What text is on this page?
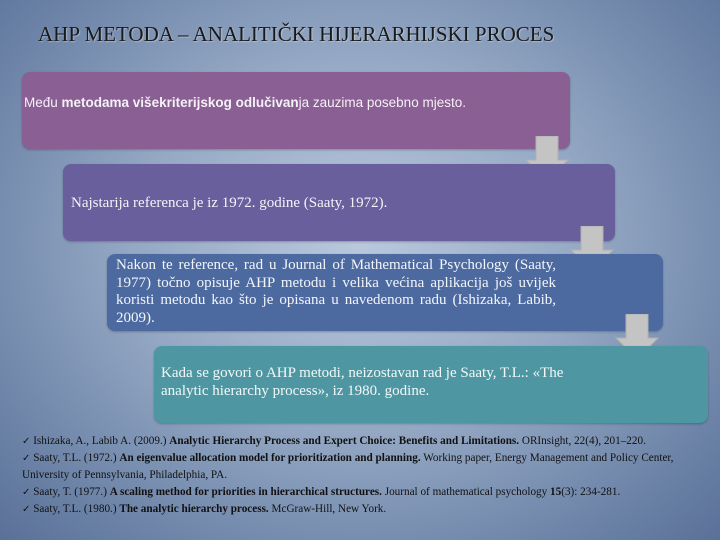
AHP METODA – ANALITIČKI HIJERARHIJSKI PROCES
Među metodama višekriterijskog odlučivanja zauzima posebno mjesto.
Najstarija referenca je iz 1972. godine (Saaty, 1972).
Nakon te reference, rad u Journal of Mathematical Psychology (Saaty, 1977) točno opisuje AHP metodu i velika većina aplikacija još uvijek koristi metodu kao što je opisana u navedenom radu (Ishizaka, Labib, 2009).
Kada se govori o AHP metodi, neizostavan rad je Saaty, T.L.: «The analytic hierarchy process», iz 1980. godine.
✓ Ishizaka, A., Labib A. (2009.) Analytic Hierarchy Process and Expert Choice: Benefits and Limitations. ORInsight, 22(4), 201–220.
✓ Saaty, T.L. (1972.) An eigenvalue allocation model for prioritization and planning. Working paper, Energy Management and Policy Center, University of Pennsylvania, Philadelphia, PA.
✓ Saaty, T. (1977.) A scaling method for priorities in hierarchical structures. Journal of mathematical psychology 15(3): 234-281.
✓ Saaty, T.L. (1980.) The analytic hierarchy process. McGraw-Hill, New York.
